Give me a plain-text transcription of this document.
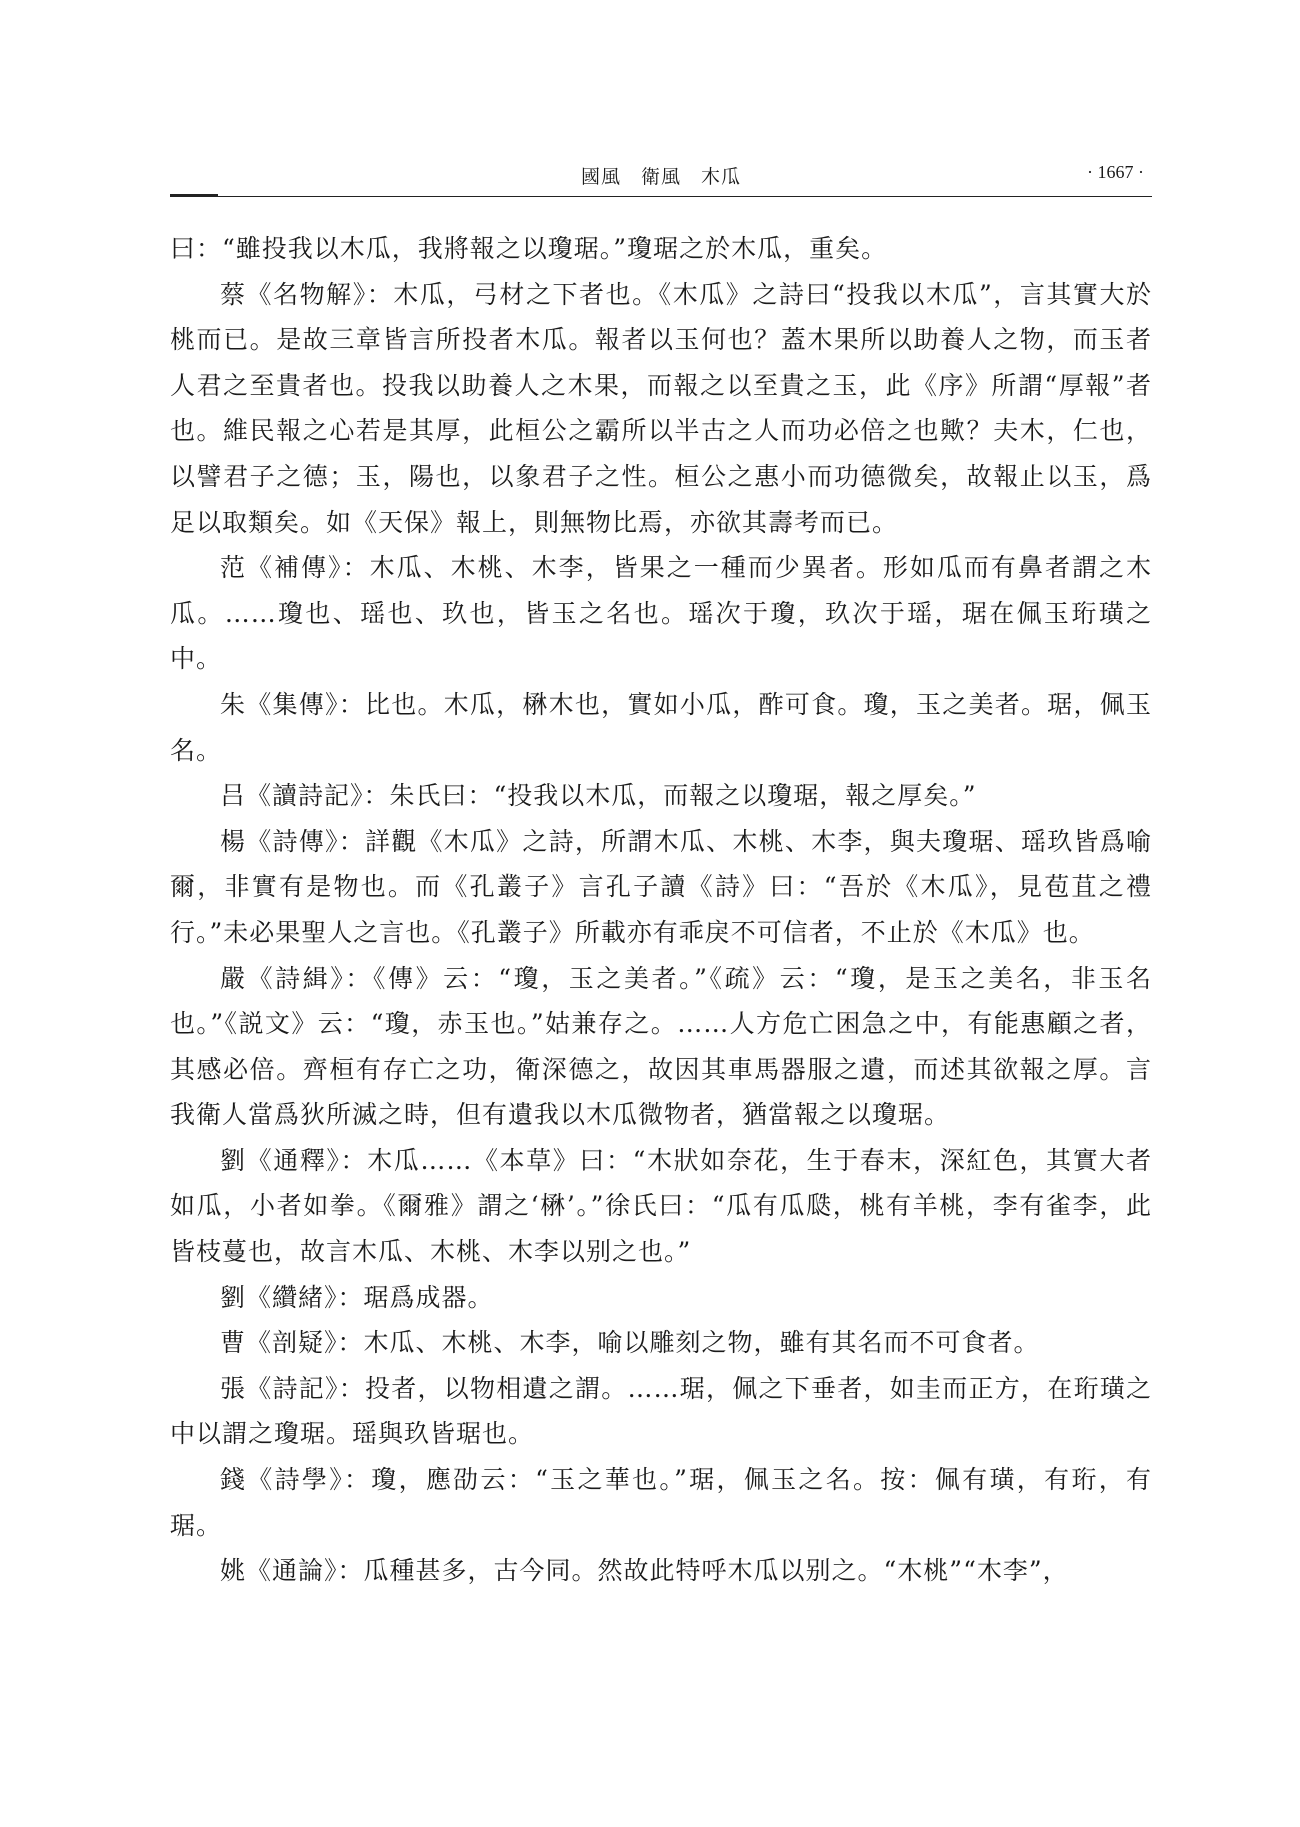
國風　衛風　木瓜	· 1667 ·

曰：“雖投我以木瓜，我將報之以瓊琚。”瓊琚之於木瓜，重矣。

蔡《名物解》：木瓜，弓材之下者也。《木瓜》之詩曰“投我以木瓜”，言其實大於桃而已。是故三章皆言所投者木瓜。報者以玉何也？蓋木果所以助養人之物，而玉者人君之至貴者也。投我以助養人之木果，而報之以至貴之玉，此《序》所謂“厚報”者也。維民報之心若是其厚，此桓公之霸所以半古之人而功必倍之也歟？夫木，仁也，以譬君子之德；玉，陽也，以象君子之性。桓公之惠小而功德微矣，故報止以玉，爲足以取類矣。如《天保》報上，則無物比焉，亦欲其壽考而已。

范《補傳》：木瓜、木桃、木李，皆果之一種而少異者。形如瓜而有鼻者謂之木瓜。……瓊也、瑶也、玖也，皆玉之名也。瑶次于瓊，玖次于瑶，琚在佩玉珩璜之中。

朱《集傳》：比也。木瓜，楙木也，實如小瓜，酢可食。瓊，玉之美者。琚，佩玉名。

吕《讀詩記》：朱氏曰：“投我以木瓜，而報之以瓊琚，報之厚矣。”

楊《詩傳》：詳觀《木瓜》之詩，所謂木瓜、木桃、木李，與夫瓊琚、瑶玖皆爲喻爾，非實有是物也。而《孔叢子》言孔子讀《詩》曰：“吾於《木瓜》，見苞苴之禮行。”未必果聖人之言也。《孔叢子》所載亦有乖戾不可信者，不止於《木瓜》也。

嚴《詩緝》：《傳》云：“瓊，玉之美者。”《疏》云：“瓊，是玉之美名，非玉名也。”《説文》云：“瓊，赤玉也。”姑兼存之。……人方危亡困急之中，有能惠顧之者，其感必倍。齊桓有存亡之功，衛深德之，故因其車馬器服之遺，而述其欲報之厚。言我衛人當爲狄所滅之時，但有遺我以木瓜微物者，猶當報之以瓊琚。

劉《通釋》：木瓜……《本草》曰：“木狀如奈花，生于春末，深紅色，其實大者如瓜，小者如拳。《爾雅》謂之‘楙’。”徐氏曰：“瓜有瓜瓞，桃有羊桃，李有雀李，此皆枝蔓也，故言木瓜、木桃、木李以别之也。”

劉《纘緒》：琚爲成器。

曹《剖疑》：木瓜、木桃、木李，喻以雕刻之物，雖有其名而不可食者。

張《詩記》：投者，以物相遺之謂。……琚，佩之下垂者，如圭而正方，在珩璜之中以謂之瓊琚。瑶與玖皆琚也。

錢《詩學》：瓊，應劭云：“玉之華也。”琚，佩玉之名。按：佩有璜，有珩，有琚。

姚《通論》：瓜種甚多，古今同。然故此特呼木瓜以别之。“木桃”“木李”，
